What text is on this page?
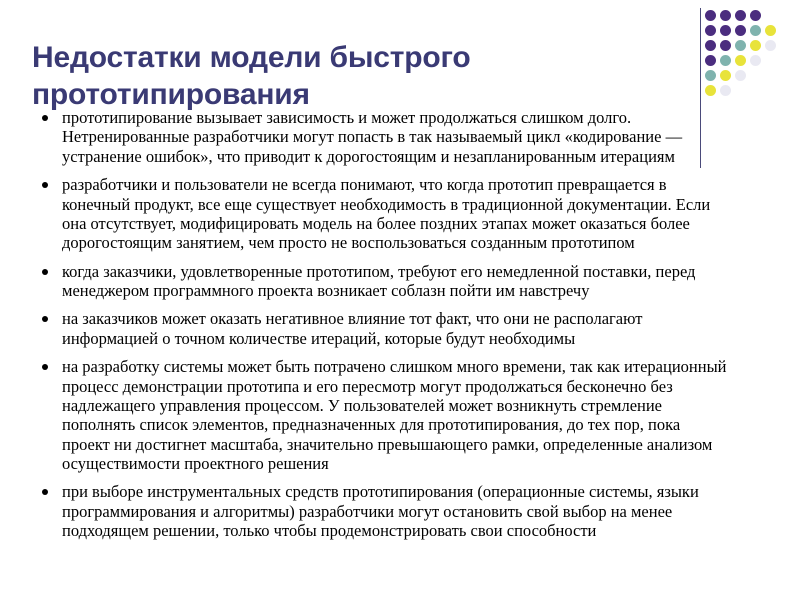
Недостатки модели быстрого прототипирования
прототипирование вызывает зависимость и может продолжаться слишком долго. Нетренированные разработчики могут попасть в так называемый цикл «кодирование — устранение ошибок», что приводит к дорогостоящим и незапланированным итерациям
разработчики и пользователи не всегда понимают, что когда прототип превращается в конечный продукт, все еще существует необходимость в традиционной документации. Если она отсутствует, модифицировать модель на более поздних этапах может оказаться более дорогостоящим занятием, чем просто не воспользоваться созданным прототипом
когда заказчики, удовлетворенные прототипом, требуют его немедленной поставки, перед менеджером программного проекта возникает соблазн пойти им навстречу
на заказчиков может оказать негативное влияние тот факт, что они не располагают информацией о точном количестве итераций, которые будут необходимы
на разработку системы может быть потрачено слишком много времени, так как итерационный процесс демонстрации прототипа и его пересмотр могут продолжаться бесконечно без надлежащего управления процессом. У пользователей может возникнуть стремление пополнять список элементов, предназначенных для прототипирования, до тех пор, пока проект ни достигнет масштаба, значительно превышающего рамки, определенные анализом осуществимости проектного решения
при выборе инструментальных средств прототипирования (операционные системы, языки программирования и алгоритмы) разработчики могут остановить свой выбор на менее подходящем решении, только чтобы продемонстрировать свои способности
